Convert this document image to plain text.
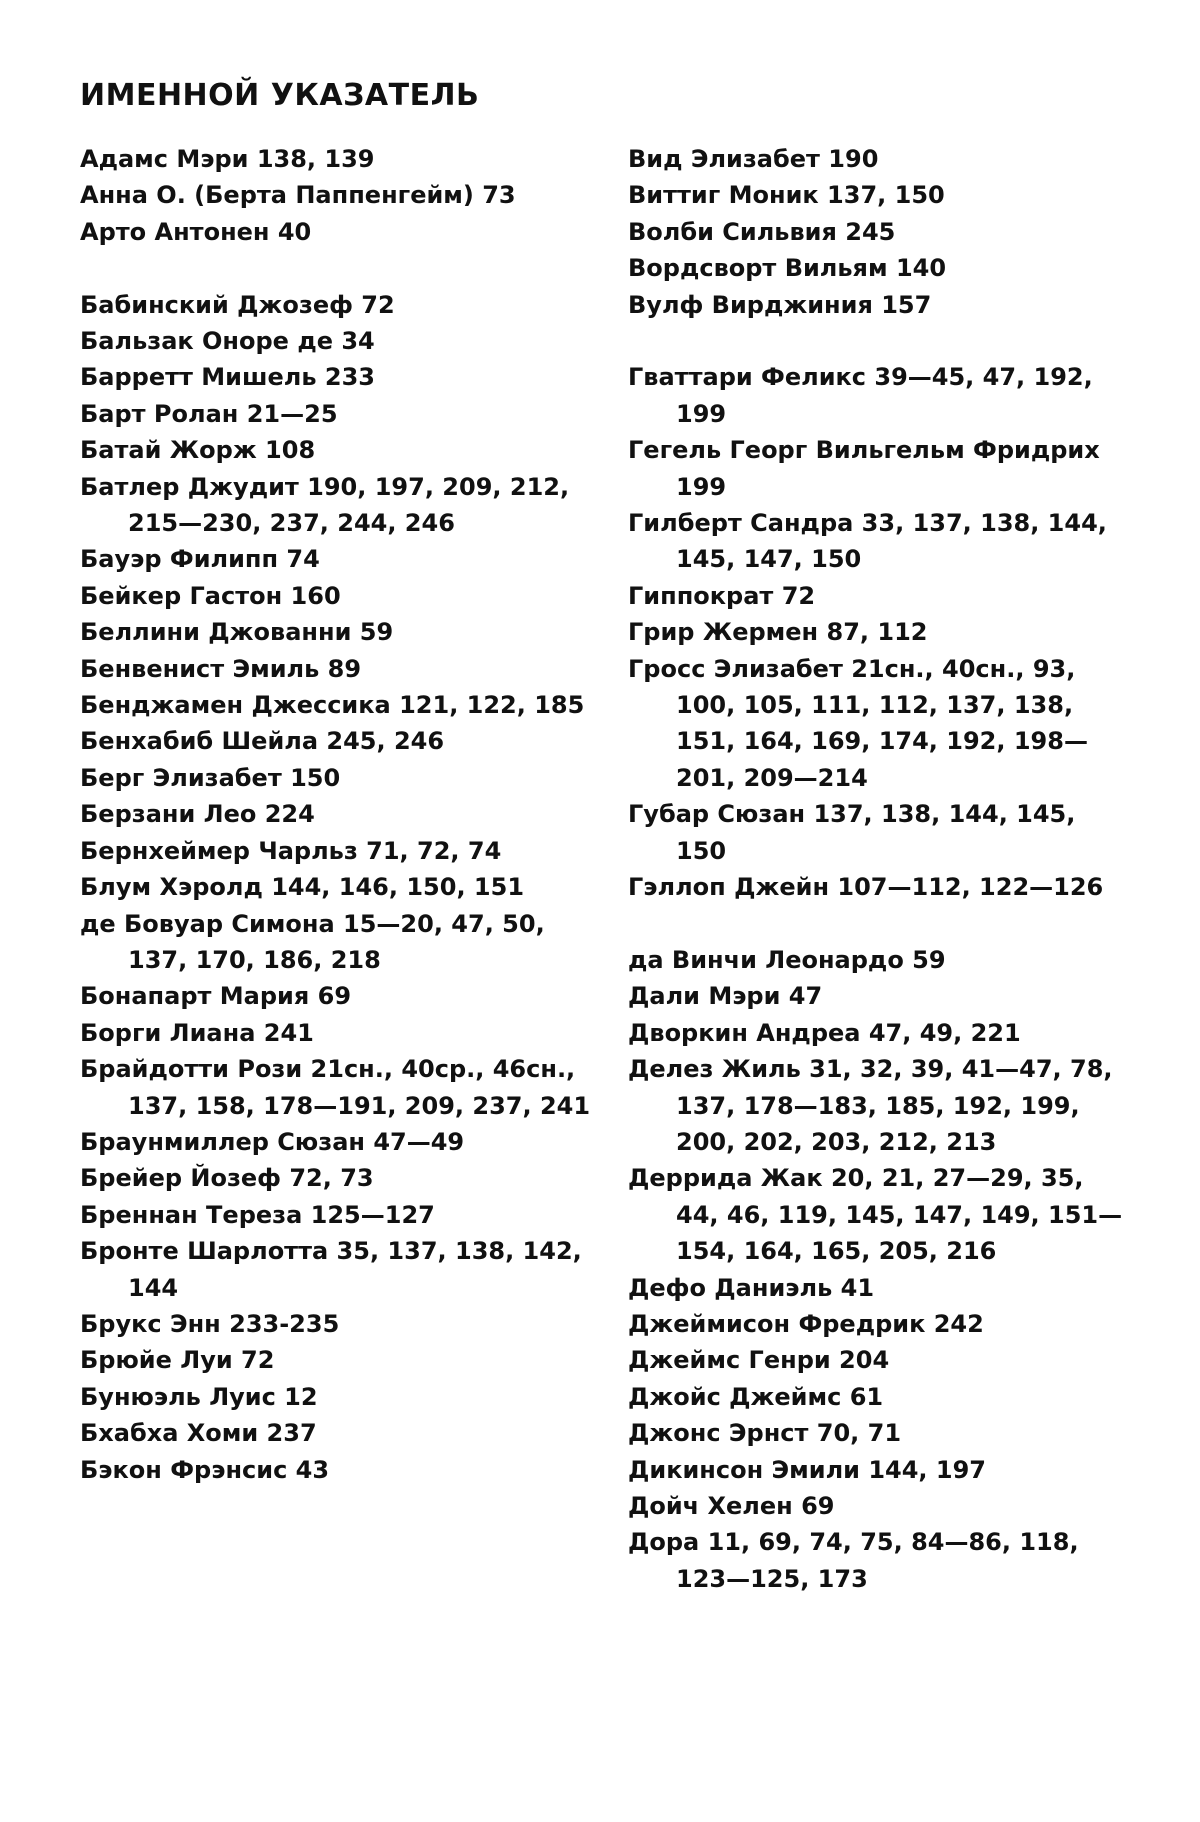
ИМЕННОЙ УКАЗАТЕЛЬ
Адамс Мэри 138, 139
Анна О. (Берта Паппенгейм) 73
Арто Антонен 40
Бабинский Джозеф 72
Бальзак Оноре де 34
Барретт Мишель 233
Барт Ролан 21—25
Батай Жорж 108
Батлер Джудит 190, 197, 209, 212, 215—230, 237, 244, 246
Бауэр Филипп 74
Бейкер Гастон 160
Беллини Джованни 59
Бенвенист Эмиль 89
Бенджамен Джессика 121, 122, 185
Бенхабиб Шейла 245, 246
Берг Элизабет 150
Берзани Лео 224
Бернхеймер Чарльз 71, 72, 74
Блум Хэролд 144, 146, 150, 151
де Бовуар Симона 15—20, 47, 50, 137, 170, 186, 218
Бонапарт Мария 69
Борги Лиана 241
Брайдотти Рози 21сн., 40ср., 46сн., 137, 158, 178—191, 209, 237, 241
Браунмиллер Сюзан 47—49
Брейер Йозеф 72, 73
Бреннан Тереза 125—127
Бронте Шарлотта 35, 137, 138, 142, 144
Брукс Энн 233-235
Брюйе Луи 72
Бунюэль Луис 12
Бхабха Хоми 237
Бэкон Фрэнсис 43
Вид Элизабет 190
Виттиг Моник 137, 150
Волби Сильвия 245
Вордсворт Вильям 140
Вулф Вирджиния 157
Гваттари Феликс 39—45, 47, 192, 199
Гегель Георг Вильгельм Фридрих 199
Гилберт Сандра 33, 137, 138, 144, 145, 147, 150
Гиппократ 72
Грир Жермен 87, 112
Гросс Элизабет 21сн., 40сн., 93, 100, 105, 111, 112, 137, 138, 151, 164, 169, 174, 192, 198—201, 209—214
Губар Сюзан 137, 138, 144, 145, 150
Гэллоп Джейн 107—112, 122—126
да Винчи Леонардо 59
Дали Мэри 47
Дворкин Андреа 47, 49, 221
Делез Жиль 31, 32, 39, 41—47, 78, 137, 178—183, 185, 192, 199, 200, 202, 203, 212, 213
Деррида Жак 20, 21, 27—29, 35, 44, 46, 119, 145, 147, 149, 151—154, 164, 165, 205, 216
Дефо Даниэль 41
Джеймисон Фредрик 242
Джеймс Генри 204
Джойс Джеймс 61
Джонс Эрнст 70, 71
Дикинсон Эмили 144, 197
Дойч Хелен 69
Дора 11, 69, 74, 75, 84—86, 118, 123—125, 173
